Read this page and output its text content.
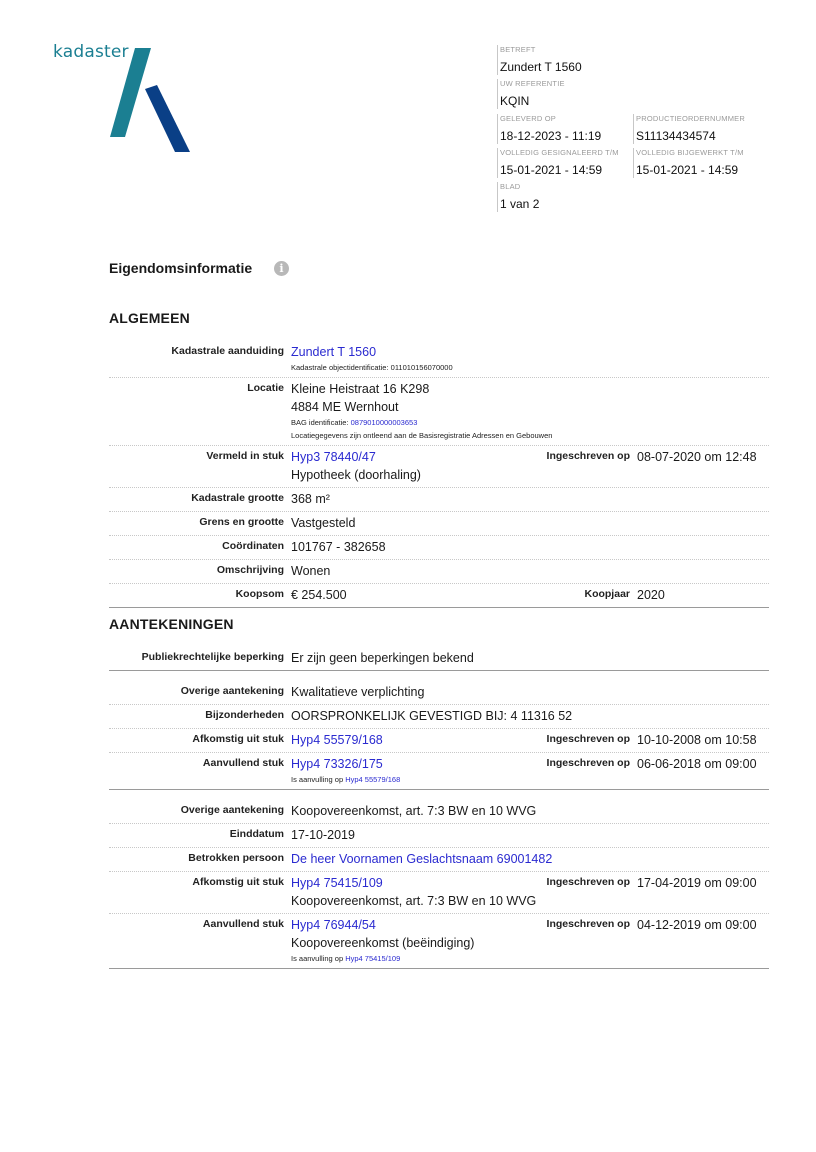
kadaster	BETREFT
Zundert T 1560
UW REFERENTIE
KQIN
GELEVERD OP
18-12-2023 - 11:19
PRODUCTIEORDERNUMMER
S11134434574
VOLLEDIG GESIGNALEERD T/M
15-01-2021 - 14:59
VOLLEDIG BIJGEWERKT T/M
15-01-2021 - 14:59
BLAD
1 van 2
Eigendomsinformatie	i
ALGEMEEN
Kadastrale aanduiding Zundert T 1560
Kadastrale objectidentificatie: 011010156070000
Locatie Kleine Heistraat 16 K298
4884 ME Wernhout
BAG identificatie: 0879010000003653
Locatiegegevens zijn ontleend aan de Basisregistratie Adressen en Gebouwen
Vermeld in stuk Hyp3 78440/47
Hypotheek (doorhaling)
Ingeschreven op 08-07-2020 om 12:48
Kadastrale grootte 368 m²
Grens en grootte Vastgesteld
Coördinaten 101767 - 382658
Omschrijving Wonen
Koopsom € 254.500	Koopjaar 2020
AANTEKENINGEN
Publiekrechtelijke beperking Er zijn geen beperkingen bekend
Overige aantekening Kwalitatieve verplichting
Bijzonderheden OORSPRONKELIJK GEVESTIGD BIJ: 4 11316 52
Afkomstig uit stuk Hyp4 55579/168	Ingeschreven op 10-10-2008 om 10:58
Aanvullend stuk Hyp4 73326/175
Is aanvulling op Hyp4 55579/168
Ingeschreven op 06-06-2018 om 09:00
Overige aantekening Koopovereenkomst, art. 7:3 BW en 10 WVG
Einddatum 17-10-2019
Betrokken persoon De heer Voornamen Geslachtsnaam 69001482
Afkomstig uit stuk Hyp4 75415/109
Koopovereenkomst, art. 7:3 BW en 10 WVG
Ingeschreven op 17-04-2019 om 09:00
Aanvullend stuk Hyp4 76944/54
Koopovereenkomst (beëindiging)
Is aanvulling op Hyp4 75415/109
Ingeschreven op 04-12-2019 om 09:00
